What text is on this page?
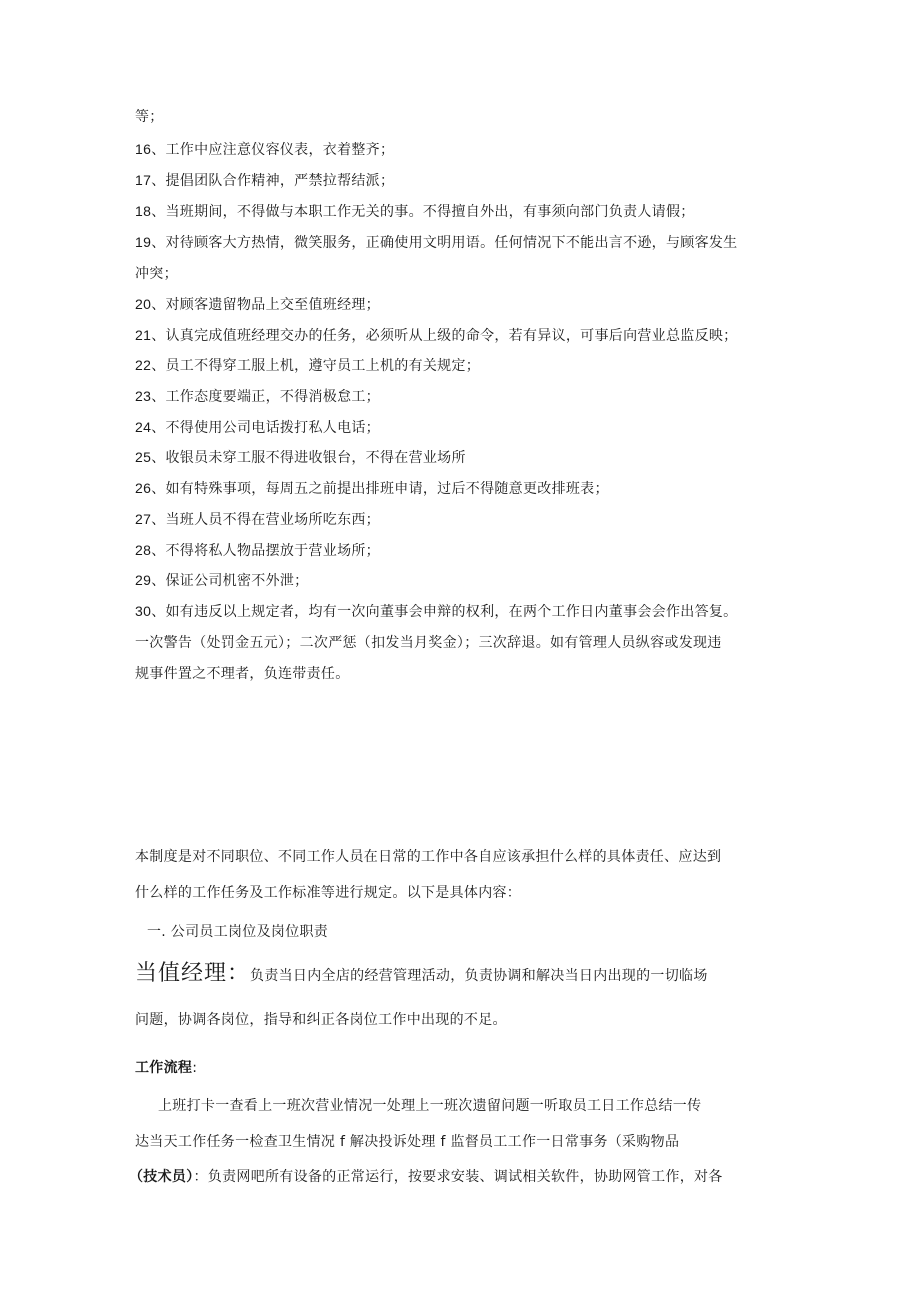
等；
16、工作中应注意仪容仪表，衣着整齐；
17、提倡团队合作精神，严禁拉帮结派；
18、当班期间，不得做与本职工作无关的事。不得擅自外出，有事须向部门负责人请假；
19、对待顾客大方热情，微笑服务，正确使用文明用语。任何情况下不能出言不逊，与顾客发生
冲突；
20、对顾客遗留物品上交至值班经理；
21、认真完成值班经理交办的任务，必须听从上级的命令，若有异议，可事后向营业总监反映；
22、员工不得穿工服上机，遵守员工上机的有关规定；
23、工作态度要端正，不得消极怠工；
24、不得使用公司电话拨打私人电话；
25、收银员未穿工服不得进收银台，不得在营业场所
26、如有特殊事项，每周五之前提出排班申请，过后不得随意更改排班表；
27、当班人员不得在营业场所吃东西；
28、不得将私人物品摆放于营业场所；
29、保证公司机密不外泄；
30、如有违反以上规定者，均有一次向董事会申辩的权利，在两个工作日内董事会会作出答复。
一次警告（处罚金五元）；二次严惩（扣发当月奖金）；三次辞退。如有管理人员纵容或发现违
规事件置之不理者，负连带责任。
本制度是对不同职位、不同工作人员在日常的工作中各自应该承担什么样的具体责任、应达到
什么样的工作任务及工作标准等进行规定。以下是具体内容：
一. 公司员工岗位及岗位职责
当值经理：负责当日内全店的经营管理活动，负责协调和解决当日内出现的一切临场
问题，协调各岗位，指导和纠正各岗位工作中出现的不足。
工作流程:
上班打卡一查看上一班次营业情况一处理上一班次遗留问题一听取员工日工作总结一传
达当天工作任务一检查卫生情况 f 解决投诉处理 f 监督员工工作一日常事务（采购物品
（技术员）：负责网吧所有设备的正常运行，按要求安装、调试相关软件，协助网管工作，对各
